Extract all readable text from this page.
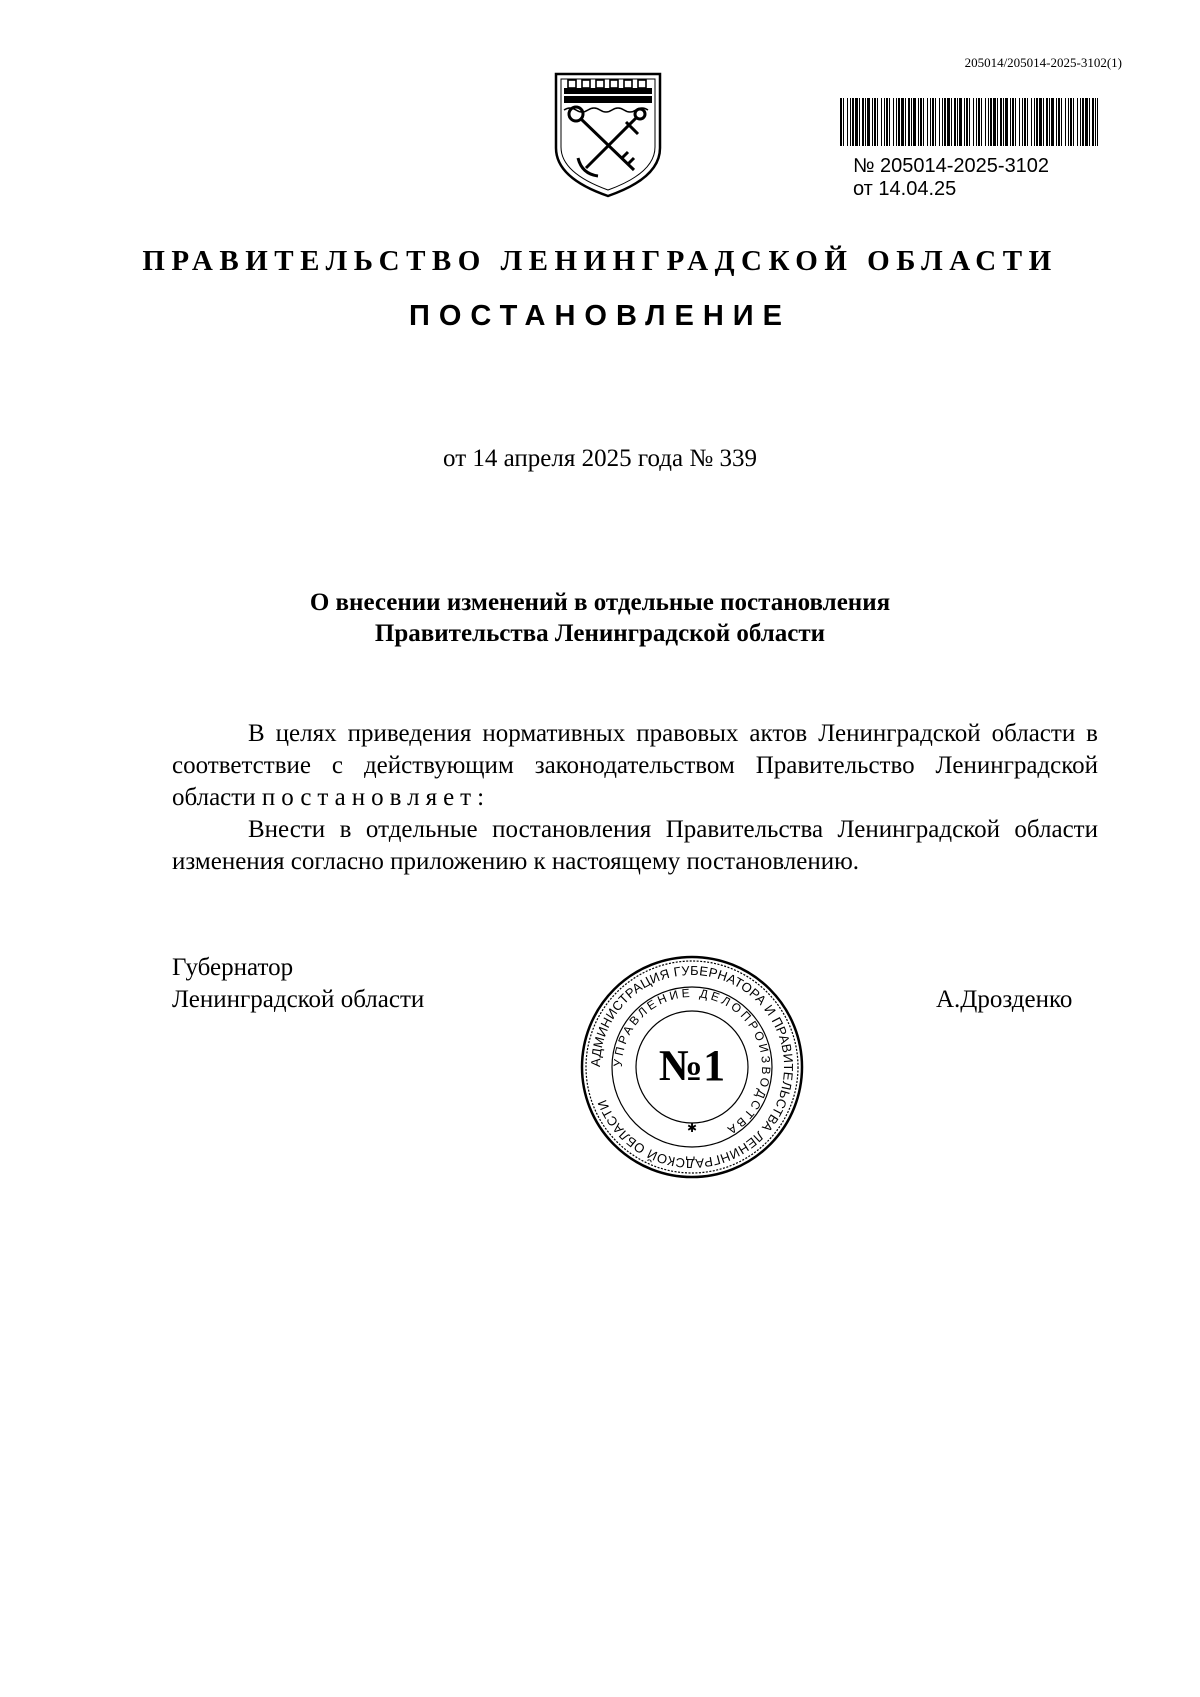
205014/205014-2025-3102(1)
№ 205014-2025-3102
от 14.04.25
ПРАВИТЕЛЬСТВО ЛЕНИНГРАДСКОЙ ОБЛАСТИ
ПОСТАНОВЛЕНИЕ
от 14 апреля 2025 года № 339
О внесении изменений в отдельные постановления
Правительства Ленинградской области

В целях приведения нормативных правовых актов Ленинградской области в соответствие с действующим законодательством Правительство Ленинградской области постановляет:

Внести в отдельные постановления Правительства Ленинградской области изменения согласно приложению к настоящему постановлению.

Губернатор
Ленинградской области	А.Дрозденко
АДМИНИСТРАЦИЯ ГУБЕРНАТОРА И ПРАВИТЕЛЬСТВА ЛЕНИНГРАДСКОЙ ОБЛАСТИ
УПРАВЛЕНИЕ ДЕЛОПРОИЗВОДСТВА
№1
✱
